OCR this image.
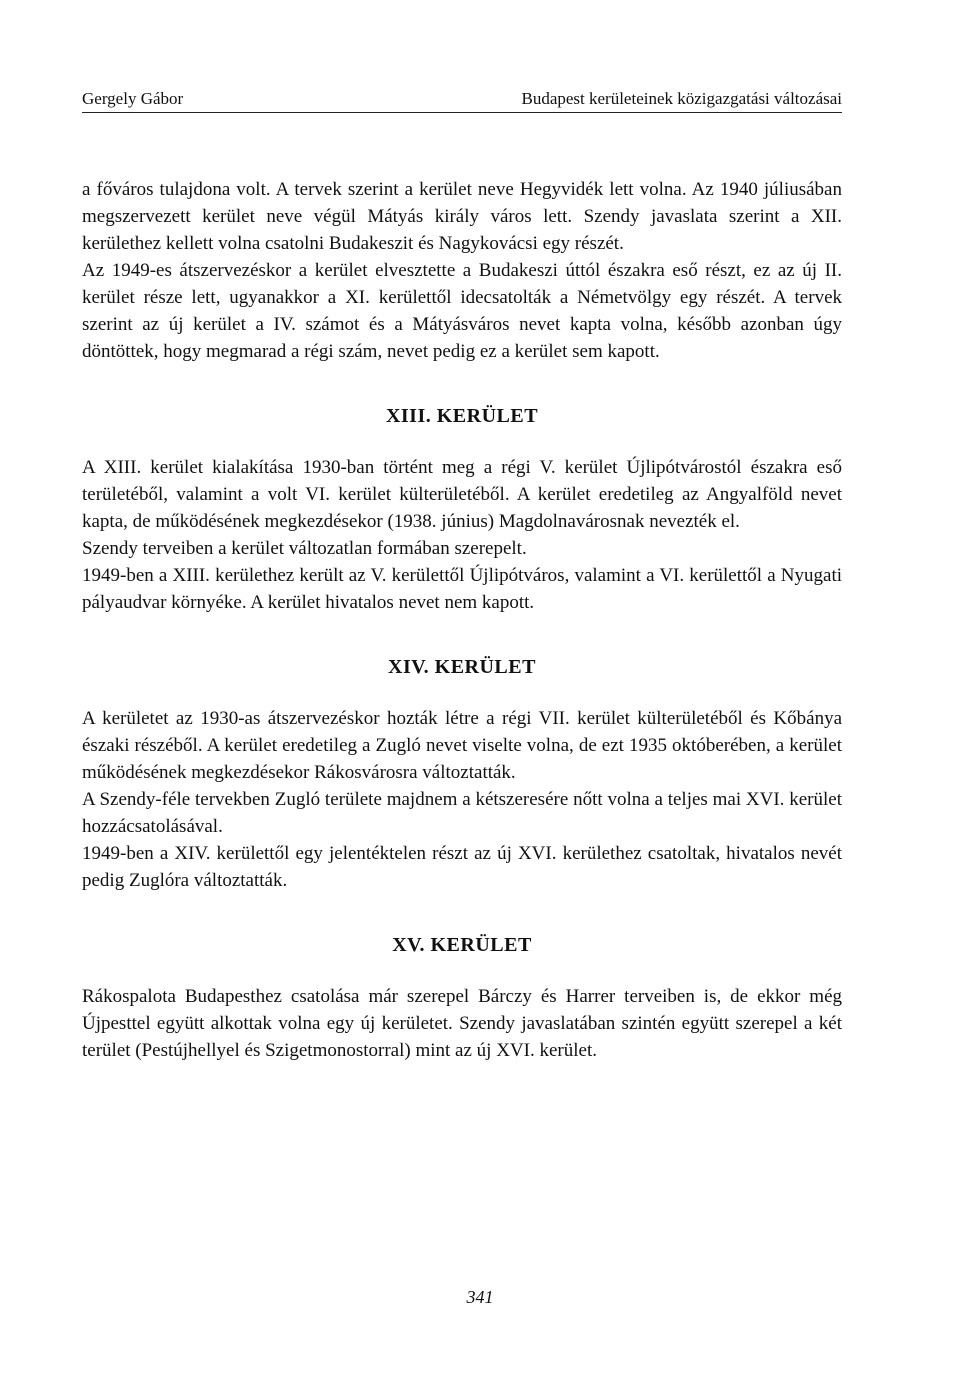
Gergely Gábor	Budapest kerületeinek közigazgatási változásai

a főváros tulajdona volt. A tervek szerint a kerület neve Hegyvidék lett volna. Az 1940 júliusában megszervezett kerület neve végül Mátyás király város lett. Szendy javaslata szerint a XII. kerülethez kellett volna csatolni Budakeszit és Nagykovácsi egy részét.

Az 1949-es átszervezéskor a kerület elvesztette a Budakeszi úttól északra eső részt, ez az új II. kerület része lett, ugyanakkor a XI. kerülettől idecsatolták a Németvölgy egy részét. A tervek szerint az új kerület a IV. számot és a Mátyásváros nevet kapta volna, később azonban úgy döntöttek, hogy megmarad a régi szám, nevet pedig ez a kerület sem kapott.

XIII. KERÜLET

A XIII. kerület kialakítása 1930-ban történt meg a régi V. kerület Újlipótvárostól északra eső területéből, valamint a volt VI. kerület külterületéből. A kerület eredetileg az Angyalföld nevet kapta, de működésének megkezdésekor (1938. június) Magdolnavárosnak nevezték el.

Szendy terveiben a kerület változatlan formában szerepelt.

1949-ben a XIII. kerülethez került az V. kerülettől Újlipótváros, valamint a VI. kerülettől a Nyugati pályaudvar környéke. A kerület hivatalos nevet nem kapott.

XIV. KERÜLET

A kerületet az 1930-as átszervezéskor hozták létre a régi VII. kerület külterületéből és Kőbánya északi részéből. A kerület eredetileg a Zugló nevet viselte volna, de ezt 1935 októberében, a kerület működésének megkezdésekor Rákosvárosra változtatták.

A Szendy-féle tervekben Zugló területe majdnem a kétszeresére nőtt volna a teljes mai XVI. kerület hozzácsatolásával.

1949-ben a XIV. kerülettől egy jelentéktelen részt az új XVI. kerülethez csatoltak, hivatalos nevét pedig Zuglóra változtatták.

XV. KERÜLET

Rákospalota Budapesthez csatolása már szerepel Bárczy és Harrer terveiben is, de ekkor még Újpesttel együtt alkottak volna egy új kerületet. Szendy javaslatában szintén együtt szerepel a két terület (Pestújhellyel és Szigetmonostorral) mint az új XVI. kerület.

341
